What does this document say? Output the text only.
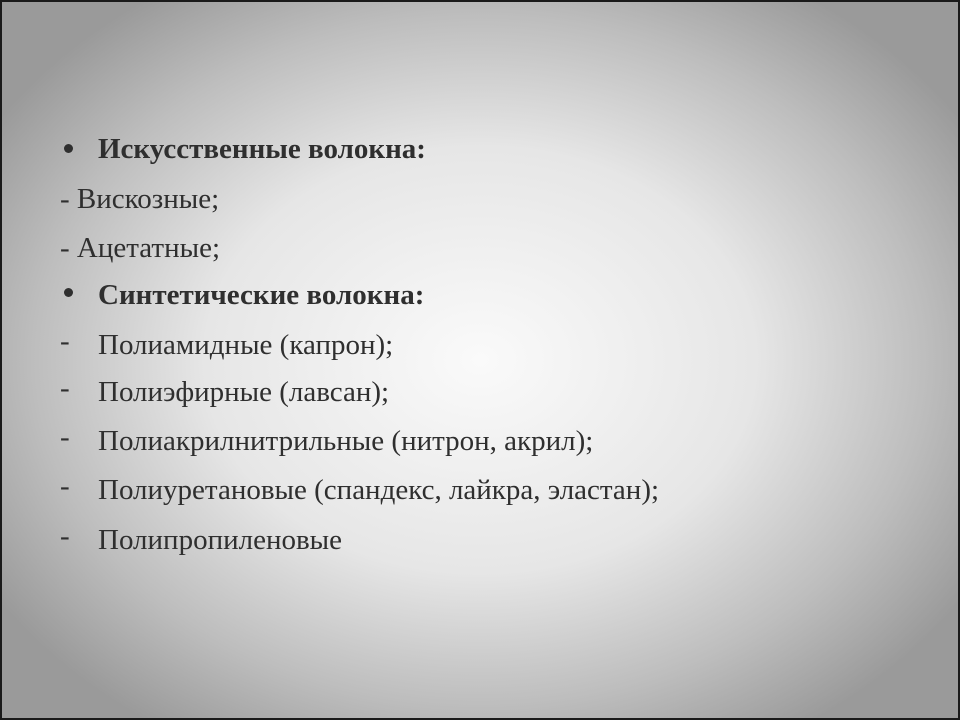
Искусственные волокна:
- Вискозные;
- Ацетатные;
Синтетические волокна:
- Полиамидные (капрон);
- Полиэфирные (лавсан);
- Полиакрилнитрильные (нитрон, акрил);
- Полиуретановые (спандекс, лайкра, эластан);
- Полипропиленовые
